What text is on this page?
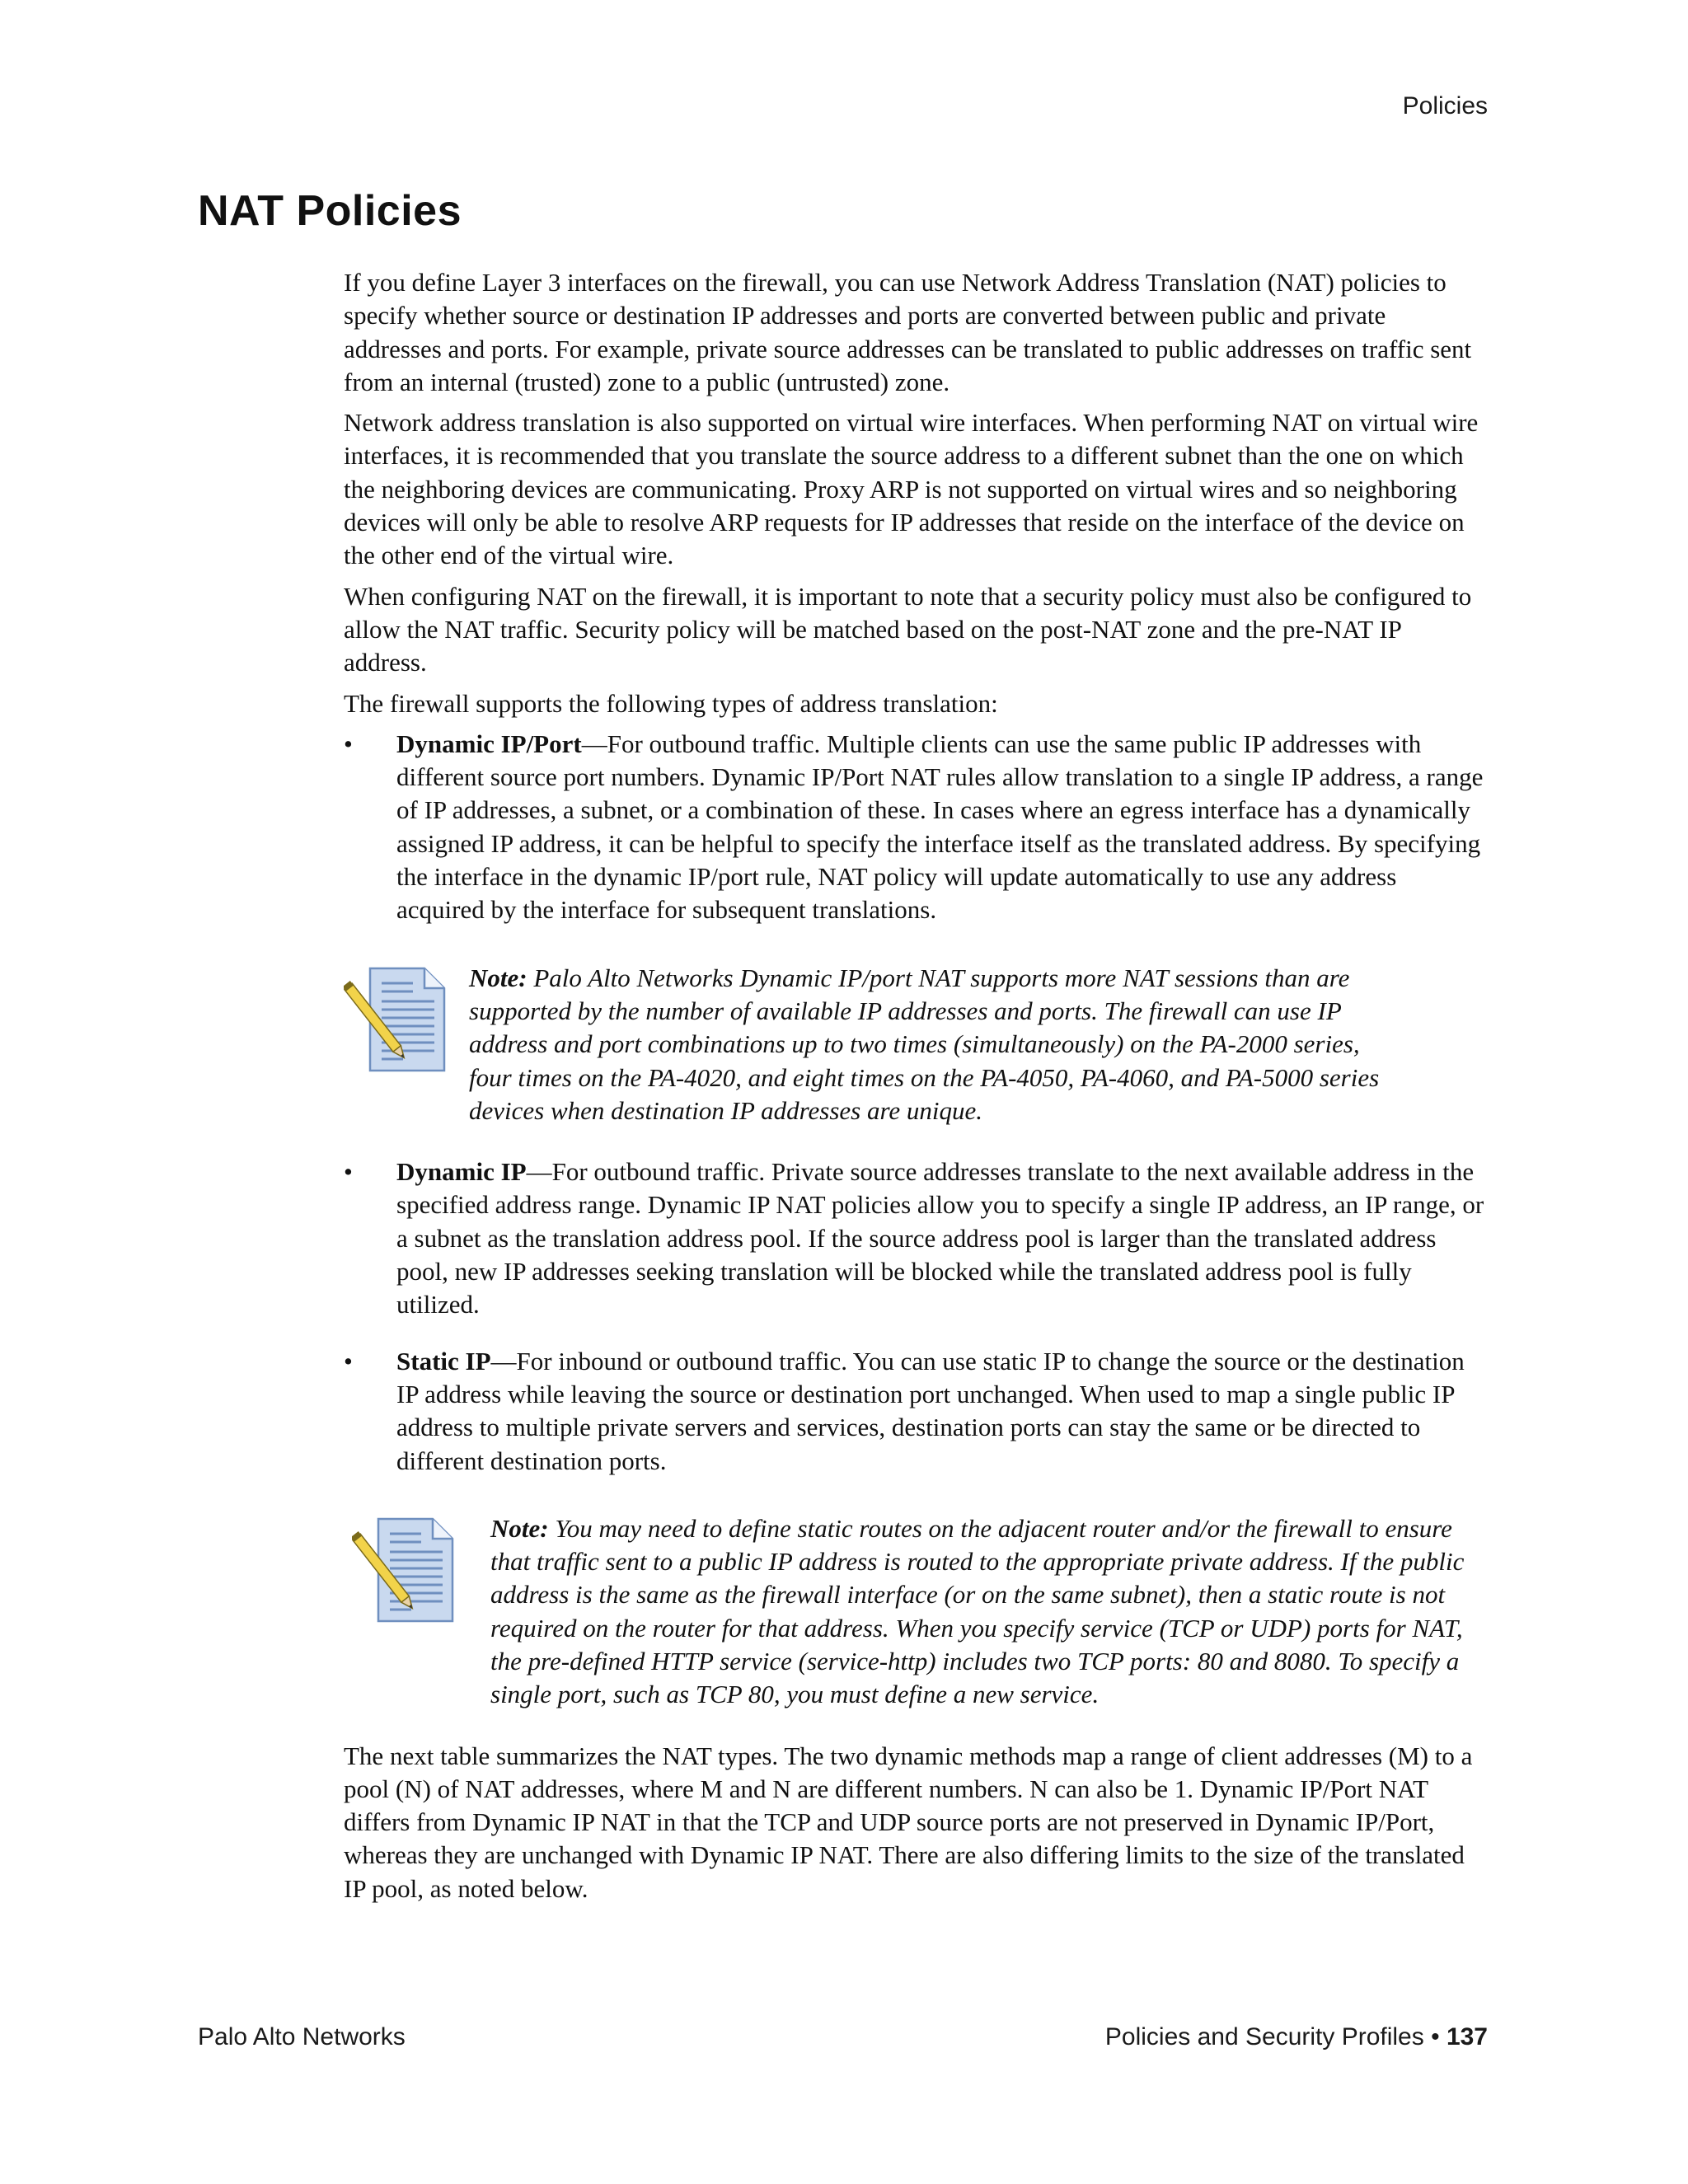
Policies
NAT Policies

If you define Layer 3 interfaces on the firewall, you can use Network Address Translation (NAT) policies to specify whether source or destination IP addresses and ports are converted between public and private addresses and ports. For example, private source addresses can be translated to public addresses on traffic sent from an internal (trusted) zone to a public (untrusted) zone.

Network address translation is also supported on virtual wire interfaces. When performing NAT on virtual wire interfaces, it is recommended that you translate the source address to a different subnet than the one on which the neighboring devices are communicating. Proxy ARP is not supported on virtual wires and so neighboring devices will only be able to resolve ARP requests for IP addresses that reside on the interface of the device on the other end of the virtual wire.

When configuring NAT on the firewall, it is important to note that a security policy must also be configured to allow the NAT traffic. Security policy will be matched based on the post-NAT zone and the pre-NAT IP address.

The firewall supports the following types of address translation:

• Dynamic IP/Port—For outbound traffic. Multiple clients can use the same public IP addresses with different source port numbers. Dynamic IP/Port NAT rules allow translation to a single IP address, a range of IP addresses, a subnet, or a combination of these. In cases where an egress interface has a dynamically assigned IP address, it can be helpful to specify the interface itself as the translated address. By specifying the interface in the dynamic IP/port rule, NAT policy will update automatically to use any address acquired by the interface for subsequent translations.
Note: Palo Alto Networks Dynamic IP/port NAT supports more NAT sessions than are supported by the number of available IP addresses and ports. The firewall can use IP address and port combinations up to two times (simultaneously) on the PA-2000 series, four times on the PA-4020, and eight times on the PA-4050, PA-4060, and PA-5000 series devices when destination IP addresses are unique.
• Dynamic IP—For outbound traffic. Private source addresses translate to the next available address in the specified address range. Dynamic IP NAT policies allow you to specify a single IP address, an IP range, or a subnet as the translation address pool. If the source address pool is larger than the translated address pool, new IP addresses seeking translation will be blocked while the translated address pool is fully utilized.
• Static IP—For inbound or outbound traffic. You can use static IP to change the source or the destination IP address while leaving the source or destination port unchanged. When used to map a single public IP address to multiple private servers and services, destination ports can stay the same or be directed to different destination ports.
Note: You may need to define static routes on the adjacent router and/or the firewall to ensure that traffic sent to a public IP address is routed to the appropriate private address. If the public address is the same as the firewall interface (or on the same subnet), then a static route is not required on the router for that address. When you specify service (TCP or UDP) ports for NAT, the pre-defined HTTP service (service-http) includes two TCP ports: 80 and 8080. To specify a single port, such as TCP 80, you must define a new service.

The next table summarizes the NAT types. The two dynamic methods map a range of client addresses (M) to a pool (N) of NAT addresses, where M and N are different numbers. N can also be 1. Dynamic IP/Port NAT differs from Dynamic IP NAT in that the TCP and UDP source ports are not preserved in Dynamic IP/Port, whereas they are unchanged with Dynamic IP NAT. There are also differing limits to the size of the translated IP pool, as noted below.

Palo Alto Networks	Policies and Security Profiles • 137
